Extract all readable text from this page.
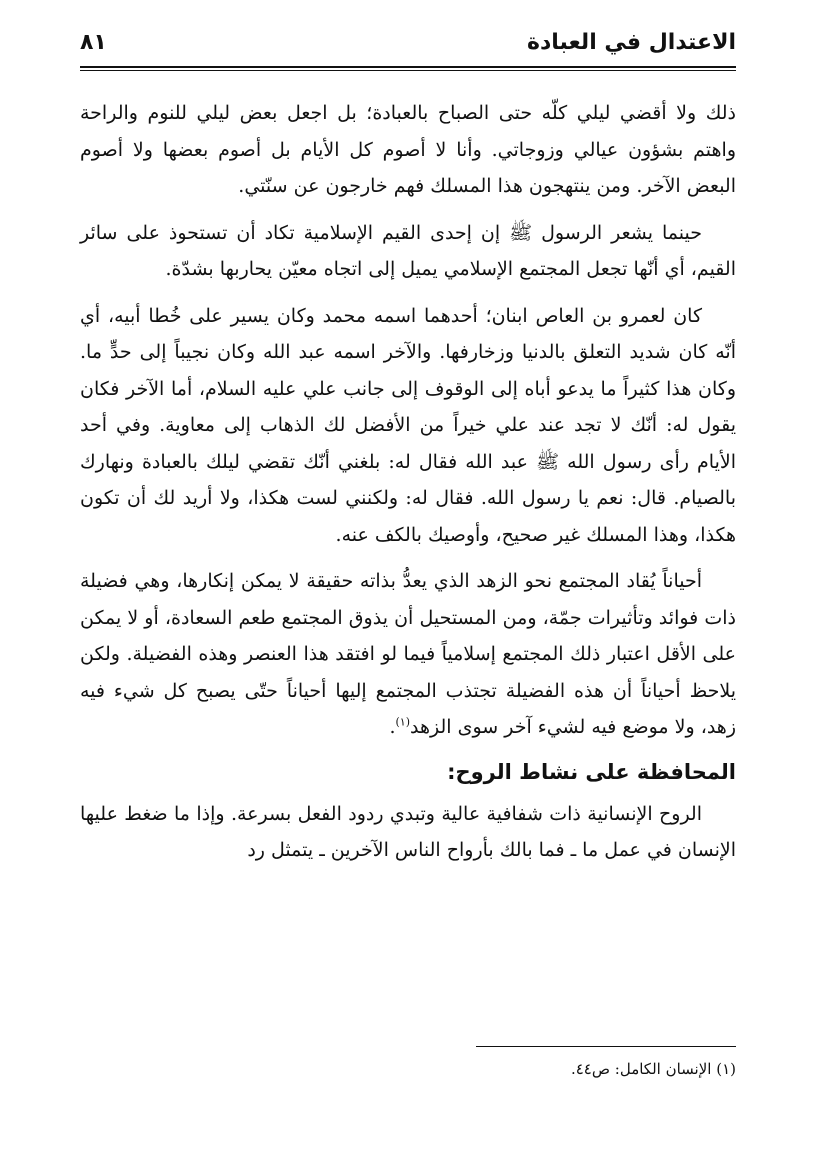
الاعتدال في العبادة
٨١

ذلك ولا أقضي ليلي كلّه حتى الصباح بالعبادة؛ بل اجعل بعض ليلي للنوم والراحة واهتم بشؤون عيالي وزوجاتي. وأنا لا أصوم كل الأيام بل أصوم بعضها ولا أصوم البعض الآخر. ومن ينتهجون هذا المسلك فهم خارجون عن سنّتي.

حينما يشعر الرسول ﷺ إن إحدى القيم الإسلامية تكاد أن تستحوذ على سائر القيم، أي أنّها تجعل المجتمع الإسلامي يميل إلى اتجاه معيّن يحاربها بشدّة.

كان لعمرو بن العاص ابنان؛ أحدهما اسمه محمد وكان يسير على خُطا أبيه، أي أنّه كان شديد التعلق بالدنيا وزخارفها. والآخر اسمه عبد الله وكان نجيباً إلى حدٍّ ما. وكان هذا كثيراً ما يدعو أباه إلى الوقوف إلى جانب علي عليه السلام، أما الآخر فكان يقول له: أنّك لا تجد عند علي خيراً من الأفضل لك الذهاب إلى معاوية. وفي أحد الأيام رأى رسول الله ﷺ عبد الله فقال له: بلغني أنّك تقضي ليلك بالعبادة ونهارك بالصيام. قال: نعم يا رسول الله. فقال له: ولكنني لست هكذا، ولا أريد لك أن تكون هكذا، وهذا المسلك غير صحيح، وأوصيك بالكف عنه.

أحياناً يُقاد المجتمع نحو الزهد الذي يعدُّ بذاته حقيقة لا يمكن إنكارها، وهي فضيلة ذات فوائد وتأثيرات جمّة، ومن المستحيل أن يذوق المجتمع طعم السعادة، أو لا يمكن على الأقل اعتبار ذلك المجتمع إسلامياً فيما لو افتقد هذا العنصر وهذه الفضيلة. ولكن يلاحظ أحياناً أن هذه الفضيلة تجتذب المجتمع إليها أحياناً حتّى يصبح كل شيء فيه زهد، ولا موضع فيه لشيء آخر سوى الزهد$^{(١)}$.

المحافظة على نشاط الروح:

الروح الإنسانية ذات شفافية عالية وتبدي ردود الفعل بسرعة. وإذا ما ضغط عليها الإنسان في عمل ما ـ فما بالك بأرواح الناس الآخرين ـ يتمثل رد

(١) الإنسان الكامل: ص٤٤.
